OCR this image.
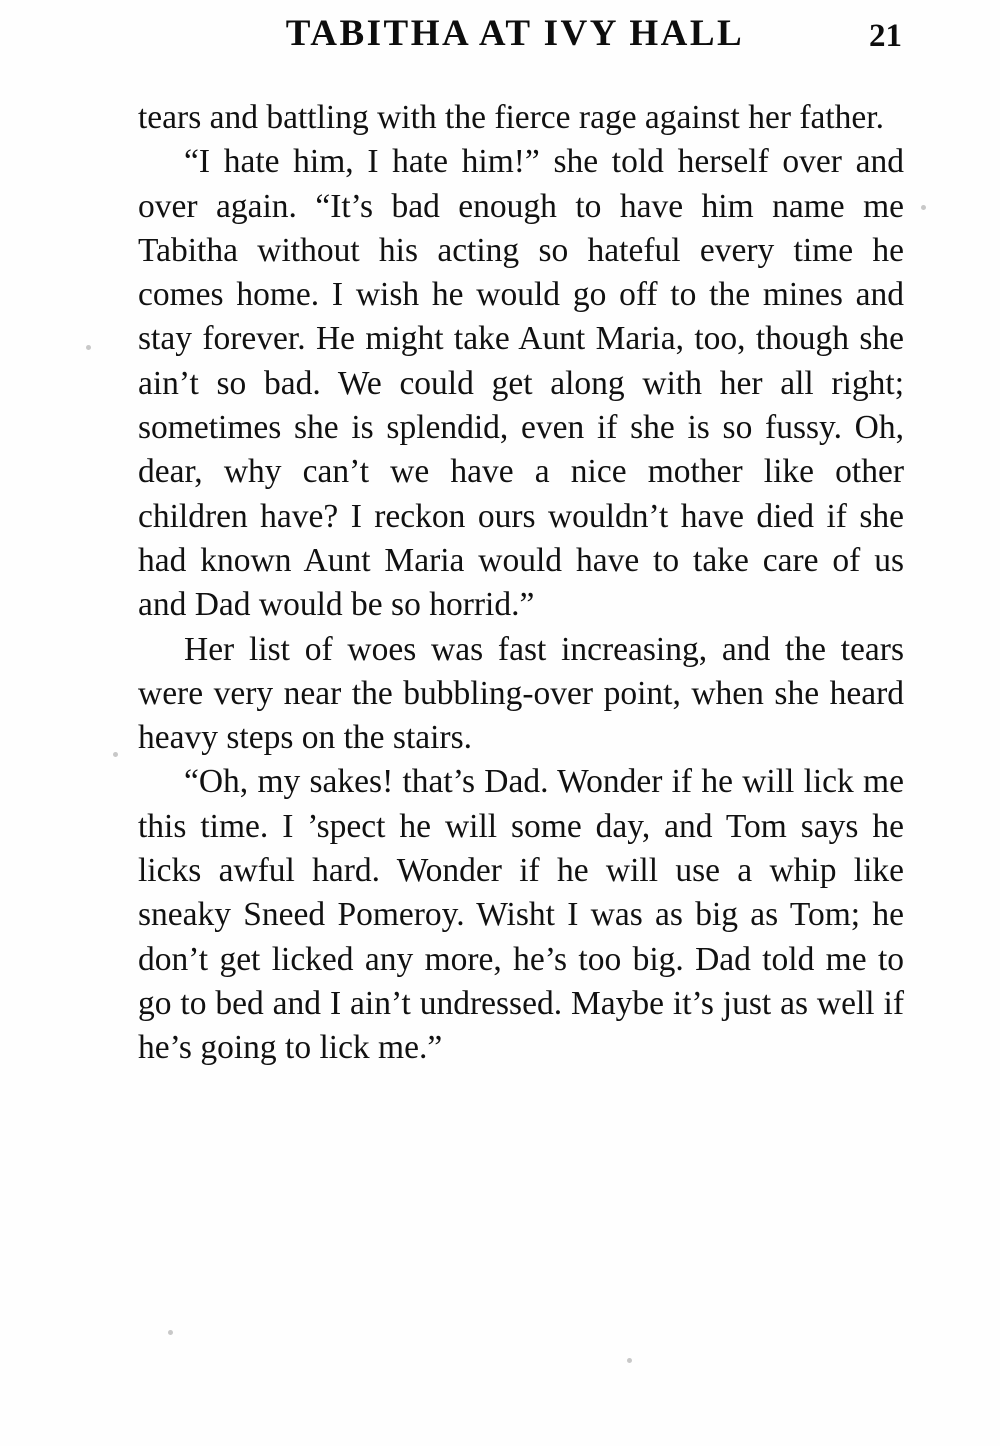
TABITHA AT IVY HALL	21

tears and battling with the fierce rage against her father.

“I hate him, I hate him!” she told herself over and over again. “It’s bad enough to have him name me Tabitha without his acting so hateful every time he comes home. I wish he would go off to the mines and stay forever. He might take Aunt Maria, too, though she ain’t so bad. We could get along with her all right; sometimes she is splendid, even if she is so fussy. Oh, dear, why can’t we have a nice mother like other children have? I reckon ours wouldn’t have died if she had known Aunt Maria would have to take care of us and Dad would be so horrid.”

Her list of woes was fast increasing, and the tears were very near the bubbling-over point, when she heard heavy steps on the stairs.

“Oh, my sakes! that’s Dad. Wonder if he will lick me this time. I ’spect he will some day, and Tom says he licks awful hard. Wonder if he will use a whip like sneaky Sneed Pomeroy. Wisht I was as big as Tom; he don’t get licked any more, he’s too big. Dad told me to go to bed and I ain’t undressed. Maybe it’s just as well if he’s going to lick me.”
